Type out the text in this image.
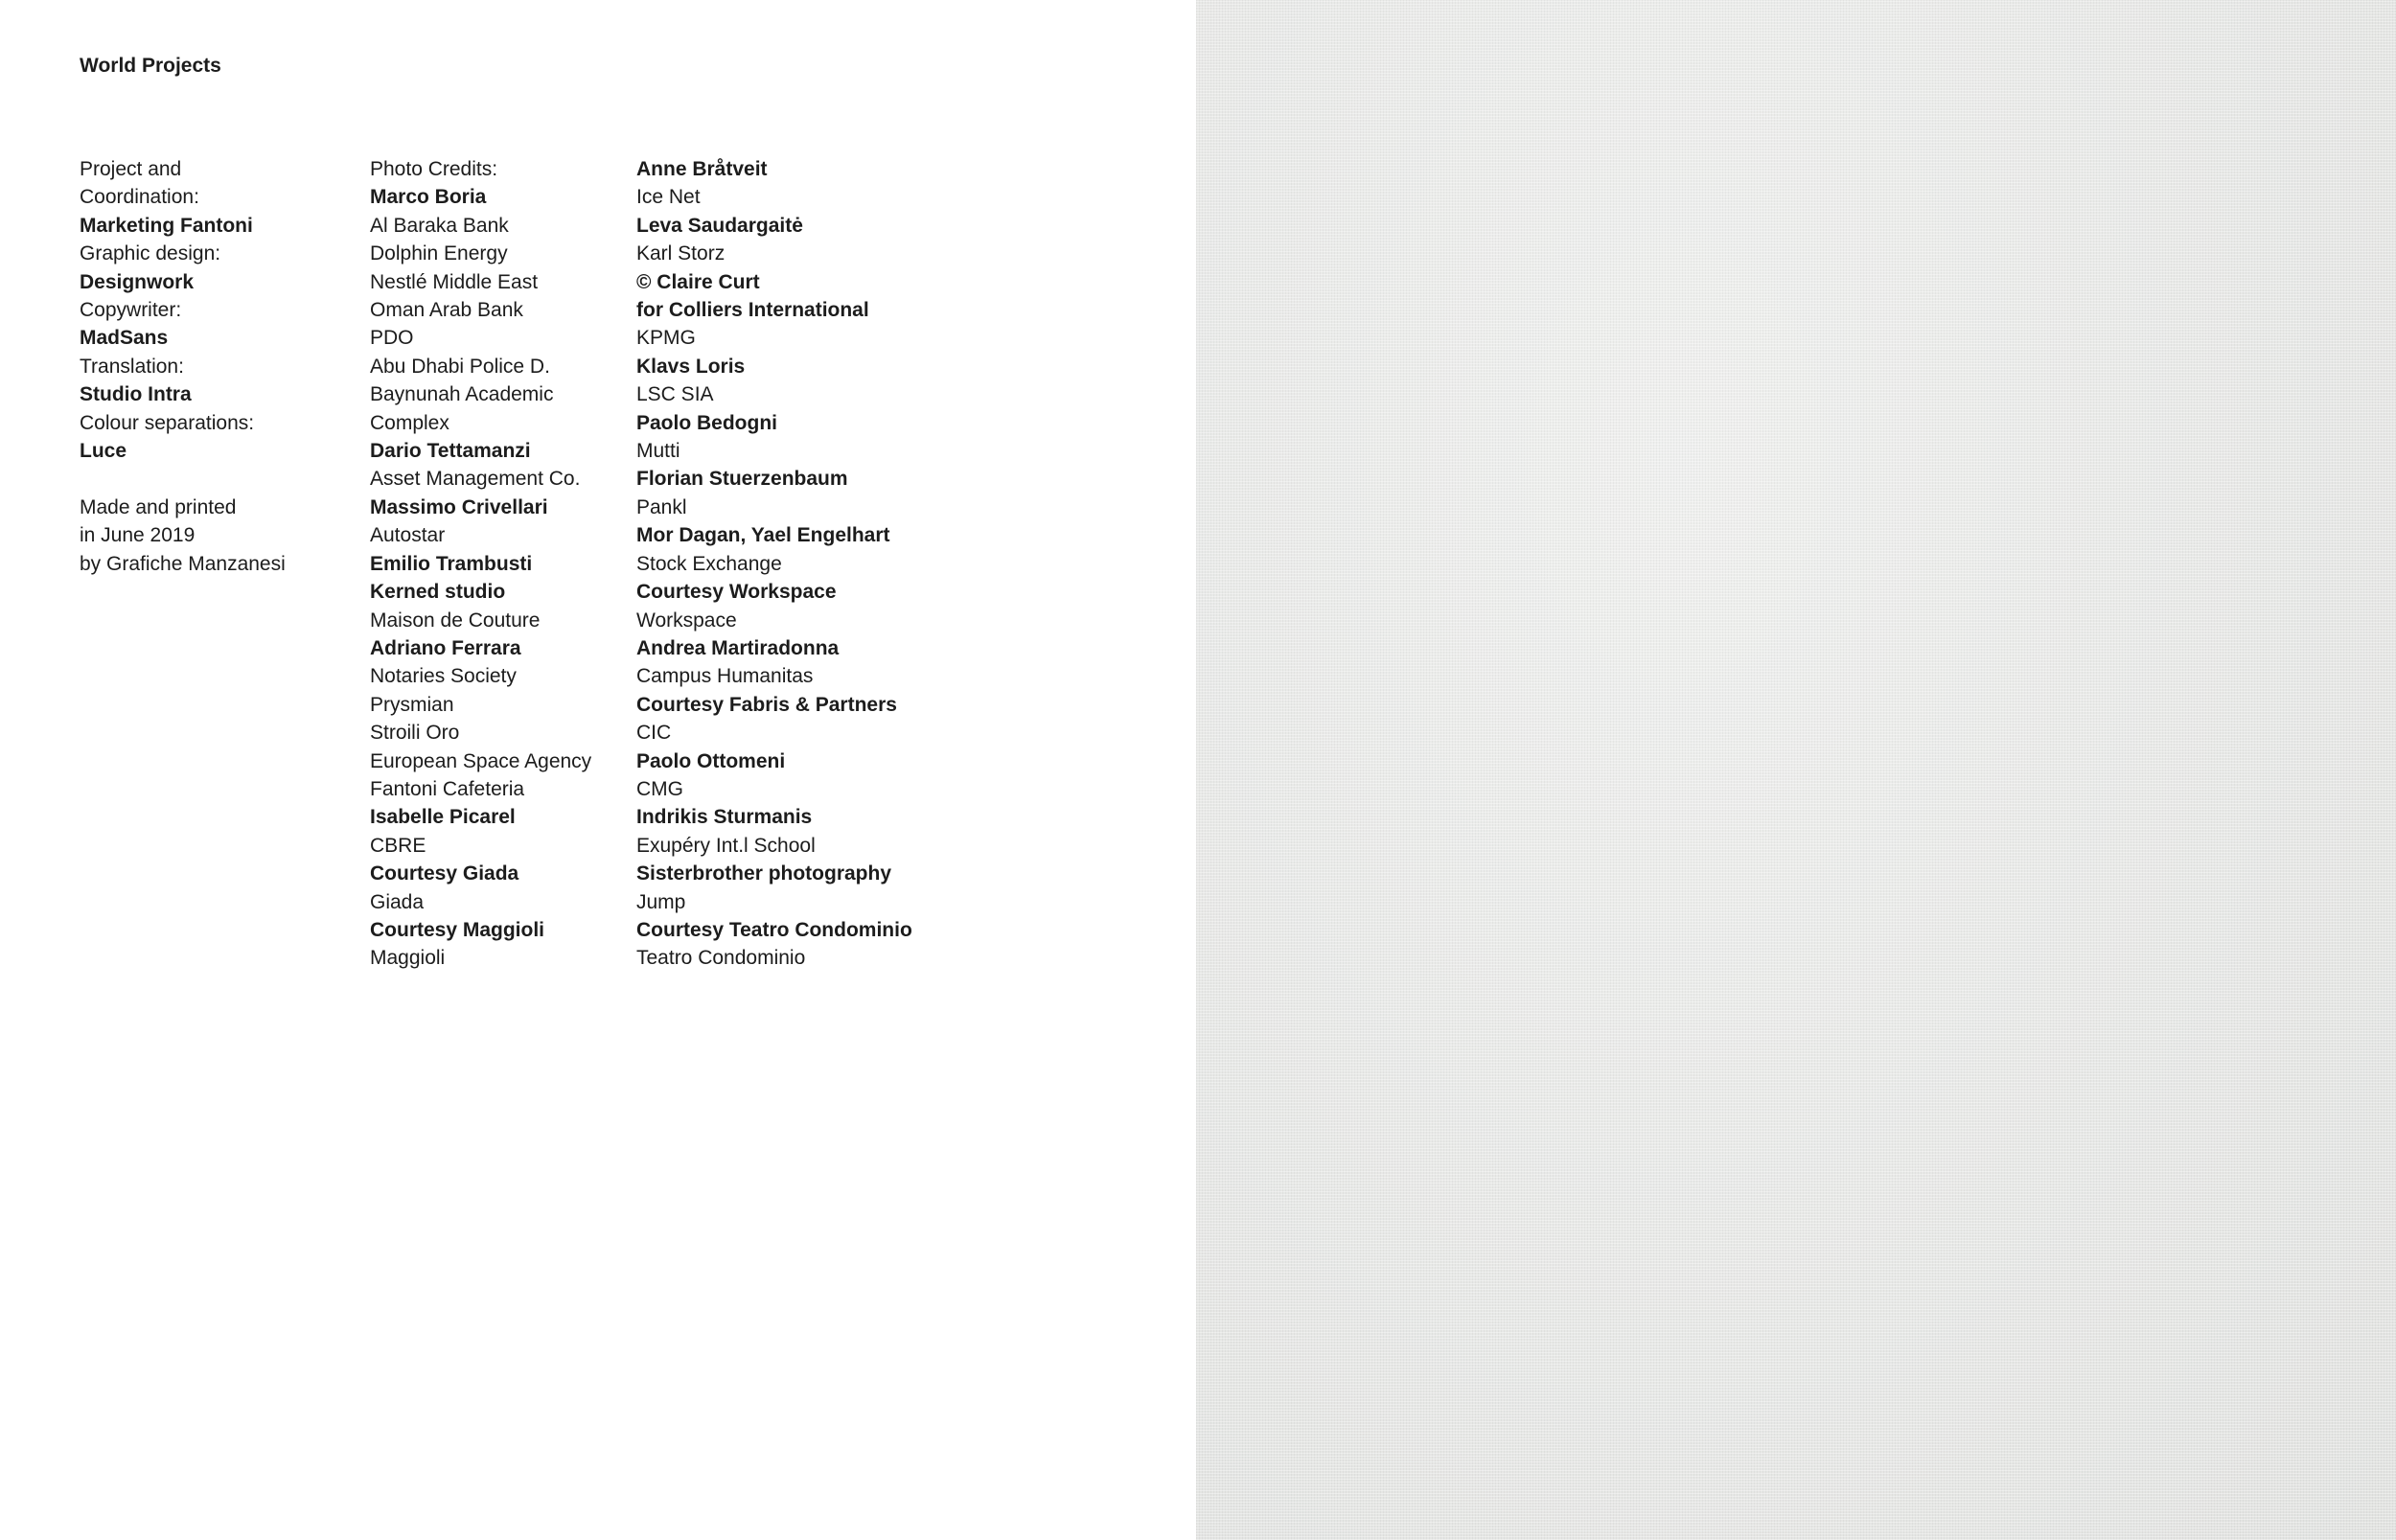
World Projects
Project and
Coordination:
Marketing Fantoni
Graphic design:
Designwork
Copywriter:
MadSans
Translation:
Studio Intra
Colour separations:
Luce
Made and printed
in June 2019
by Grafiche Manzanesi
Photo Credits:
Marco Boria
Al Baraka Bank
Dolphin Energy
Nestlé Middle East
Oman Arab Bank
PDO
Abu Dhabi Police D.
Baynunah Academic
Complex
Dario Tettamanzi
Asset Management Co.
Massimo Crivellari
Autostar
Emilio Trambusti
Kerned studio
Maison de Couture
Adriano Ferrara
Notaries Society
Prysmian
Stroili Oro
European Space Agency
Fantoni Cafeteria
Isabelle Picarel
CBRE
Courtesy Giada
Giada
Courtesy Maggioli
Maggioli
Anne Bråtveit
Ice Net
Leva Saudargaitė
Karl Storz
© Claire Curt
for Colliers International
KPMG
Klavs Loris
LSC SIA
Paolo Bedogni
Mutti
Florian Stuerzenbaum
Pankl
Mor Dagan, Yael Engelhart
Stock Exchange
Courtesy Workspace
Workspace
Andrea Martiradonna
Campus Humanitas
Courtesy Fabris & Partners
CIC
Paolo Ottomeni
CMG
Indrikis Sturmanis
Exupéry Int.l School
Sisterbrother photography
Jump
Courtesy Teatro Condominio
Teatro Condominio
